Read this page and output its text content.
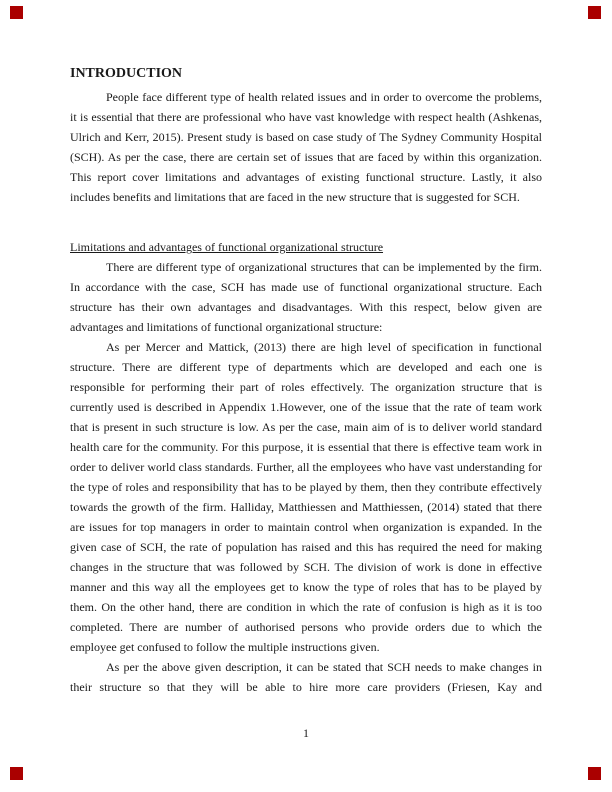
INTRODUCTION

People face different type of health related issues and in order to overcome the problems, it is essential that there are professional who have vast knowledge with respect health (Ashkenas, Ulrich and Kerr, 2015). Present study is based on case study of The Sydney Community Hospital (SCH). As per the case, there are certain set of issues that are faced by within this organization. This report cover limitations and advantages of existing functional structure. Lastly, it also includes benefits and limitations that are faced in the new structure that is suggested for SCH.

Limitations and advantages of functional organizational structure

There are different type of organizational structures that can be implemented by the firm. In accordance with the case, SCH has made use of functional organizational structure. Each structure has their own advantages and disadvantages. With this respect, below given are advantages and limitations of functional organizational structure:

As per Mercer and Mattick, (2013) there are high level of specification in functional structure. There are different type of departments which are developed and each one is responsible for performing their part of roles effectively. The organization structure that is currently used is described in Appendix 1.However, one of the issue that the rate of team work that is present in such structure is low. As per the case, main aim of is to deliver world standard health care for the community. For this purpose, it is essential that there is effective team work in order to deliver world class standards. Further, all the employees who have vast understanding for the type of roles and responsibility that has to be played by them, then they contribute effectively towards the growth of the firm. Halliday, Matthiessen and Matthiessen, (2014) stated that there are issues for top managers in order to maintain control when organization is expanded. In the given case of SCH, the rate of population has raised and this has required the need for making changes in the structure that was followed by SCH. The division of work is done in effective manner and this way all the employees get to know the type of roles that has to be played by them. On the other hand, there are condition in which the rate of confusion is high as it is too completed. There are number of authorised persons who provide orders due to which the employee get confused to follow the multiple instructions given.

As per the above given description, it can be stated that SCH needs to make changes in their structure so that they will be able to hire more care providers (Friesen, Kay and

1
